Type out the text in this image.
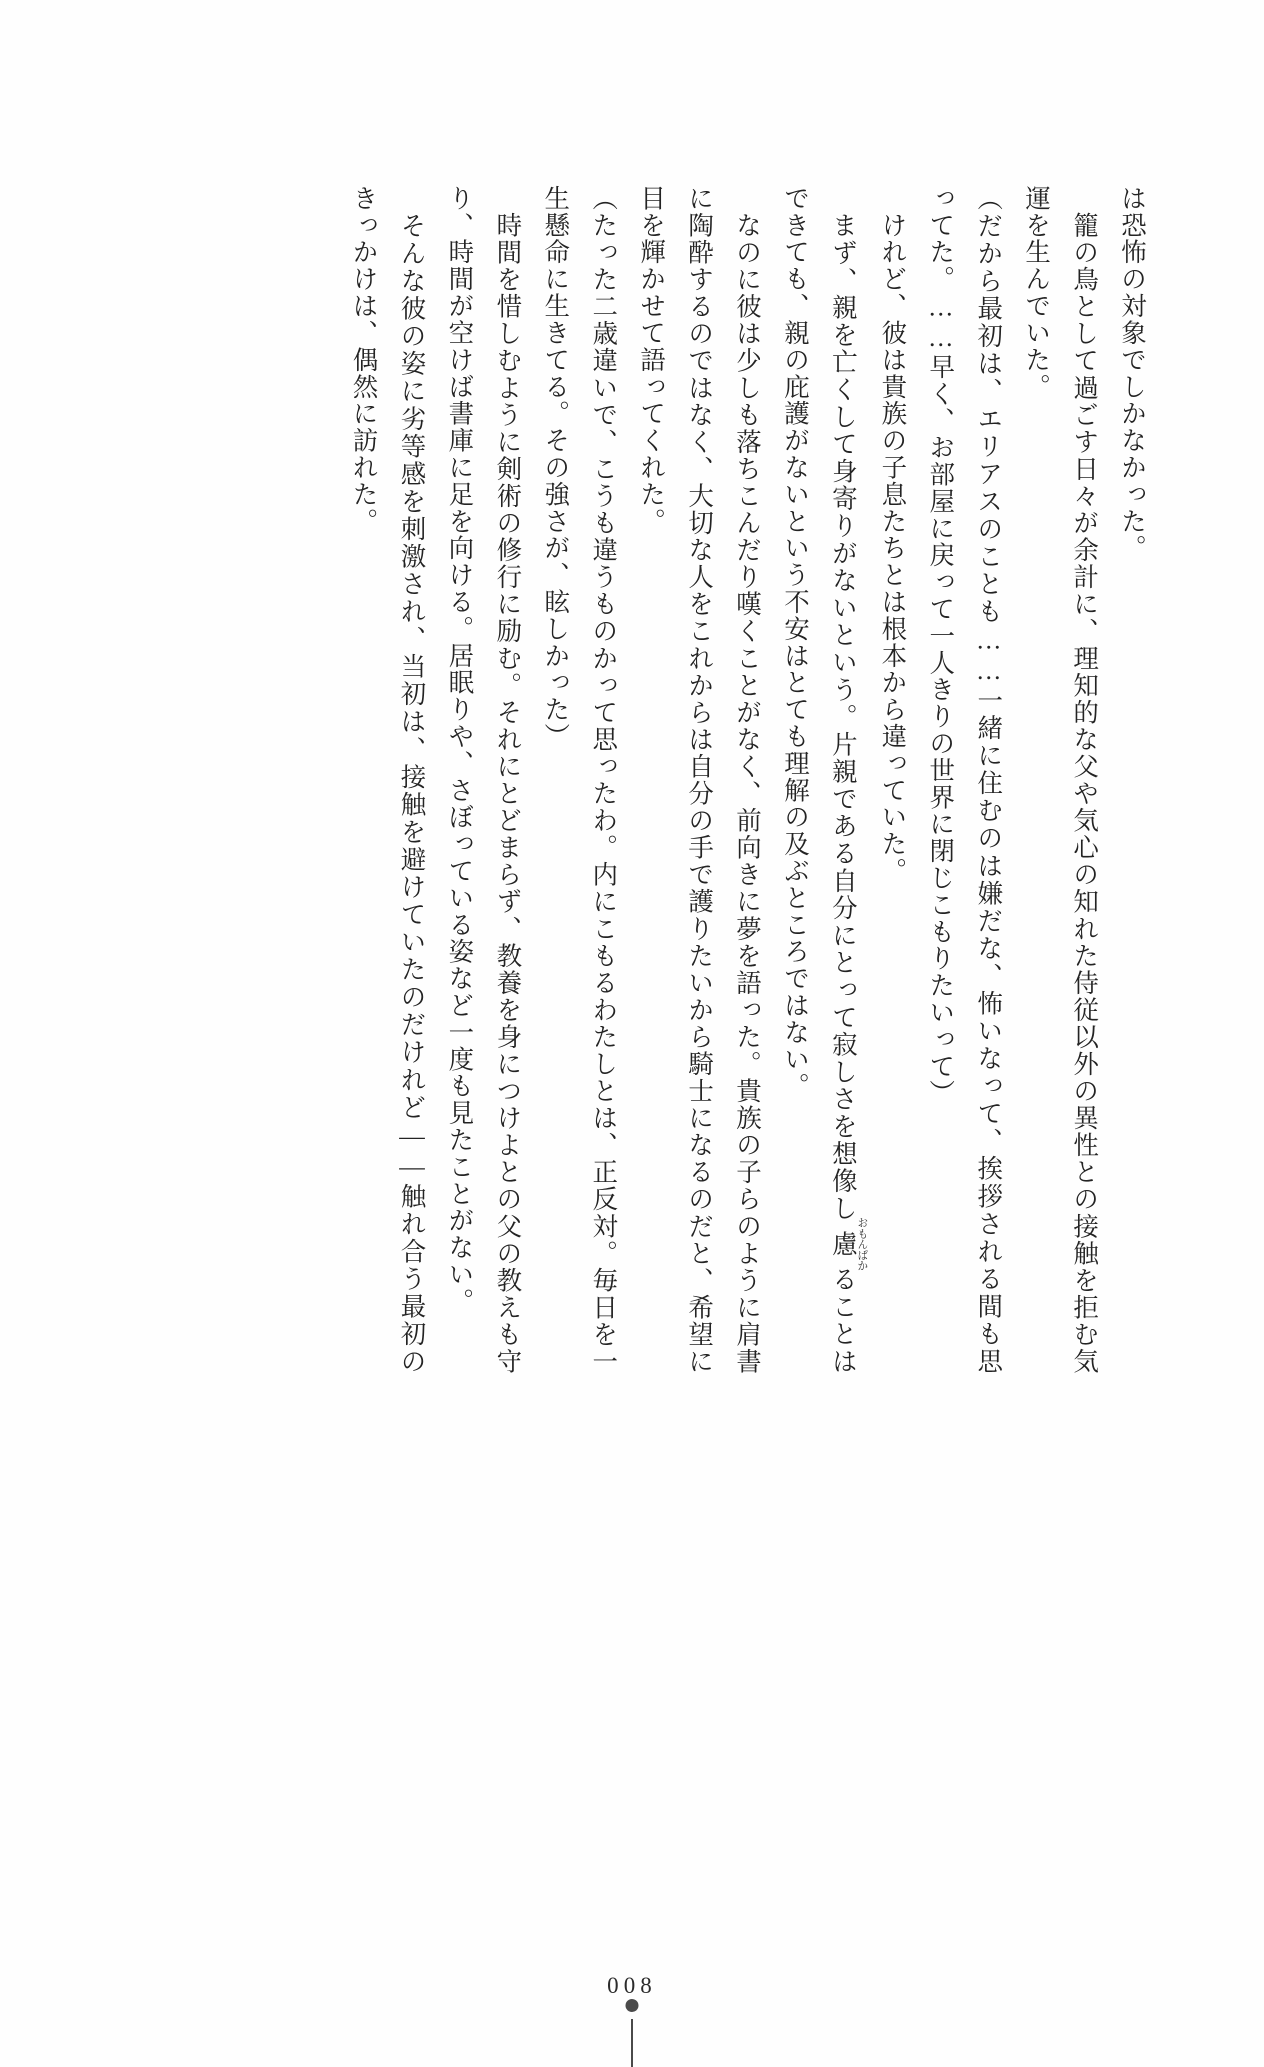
は恐怖の対象でしかなかった。

　籠の鳥として過ごす日々が余計に、理知的な父や気心の知れた侍従以外の異性との接触を拒む気運を生んでいた。

（だから最初は、エリアスのことも……一緒に住むのは嫌だな、怖いなって、挨拶される間も思ってた。……早く、お部屋に戻って一人きりの世界に閉じこもりたいって）

　けれど、彼は貴族の子息たちとは根本から違っていた。

　まず、親を亡くして身寄りがないという。片親である自分にとって寂しさを想像し慮おもんぱかることはできても、親の庇護がないという不安はとても理解の及ぶところではない。

　なのに彼は少しも落ちこんだり嘆くことがなく、前向きに夢を語った。貴族の子らのように肩書に陶酔するのではなく、大切な人をこれからは自分の手で護りたいから騎士になるのだと、希望に目を輝かせて語ってくれた。

（たった二歳違いで、こうも違うものかって思ったわ。内にこもるわたしとは、正反対。毎日を一生懸命に生きてる。その強さが、眩しかった）

　時間を惜しむように剣術の修行に励む。それにとどまらず、教養を身につけよとの父の教えも守り、時間が空けば書庫に足を向ける。居眠りや、さぼっている姿など一度も見たことがない。

　そんな彼の姿に劣等感を刺激され、当初は、接触を避けていたのだけれど――触れ合う最初のきっかけは、偶然に訪れた。

008
